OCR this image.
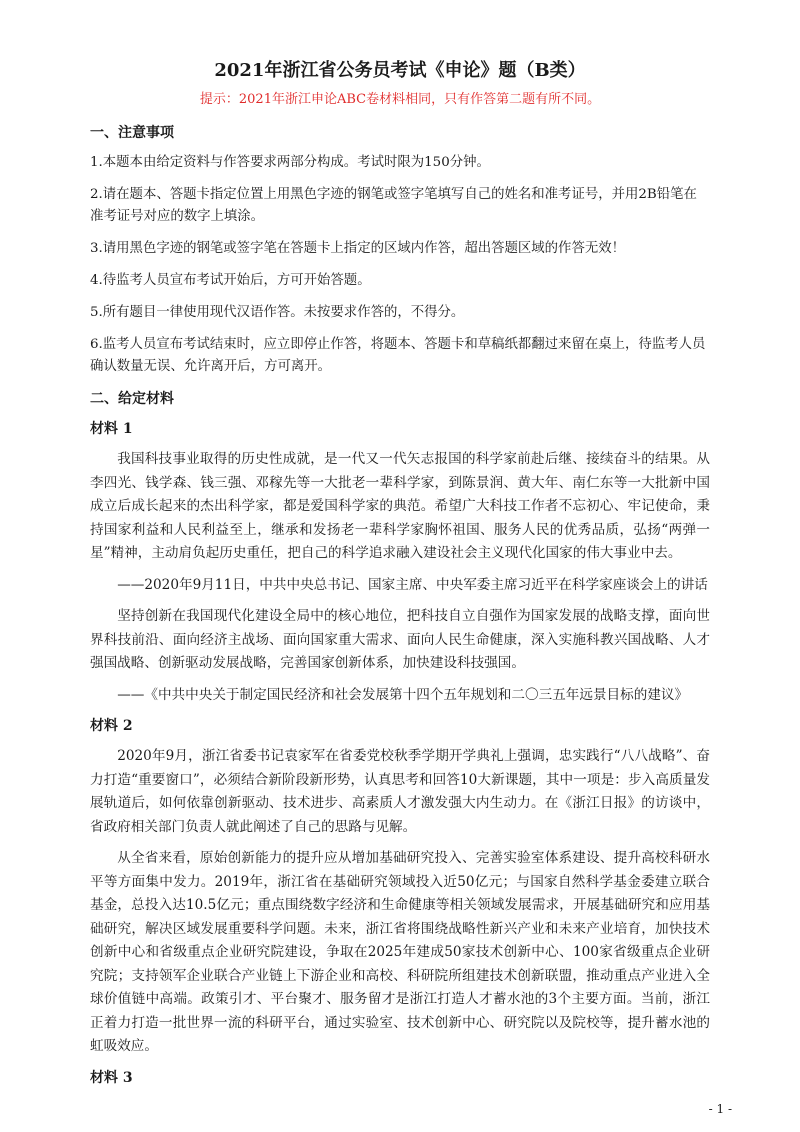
2021年浙江省公务员考试《申论》题（B类）
提示：2021年浙江申论ABC卷材料相同，只有作答第二题有所不同。
一、注意事项
1.本题本由给定资料与作答要求两部分构成。考试时限为150分钟。
2.请在题本、答题卡指定位置上用黑色字迹的钢笔或签字笔填写自己的姓名和准考证号，并用2B铅笔在准考证号对应的数字上填涂。
3.请用黑色字迹的钢笔或签字笔在答题卡上指定的区域内作答，超出答题区域的作答无效！
4.待监考人员宣布考试开始后，方可开始答题。
5.所有题目一律使用现代汉语作答。未按要求作答的，不得分。
6.监考人员宣布考试结束时，应立即停止作答，将题本、答题卡和草稿纸都翻过来留在桌上，待监考人员确认数量无误、允许离开后，方可离开。
二、给定材料
材料 1
我国科技事业取得的历史性成就，是一代又一代矢志报国的科学家前赴后继、接续奋斗的结果。从李四光、钱学森、钱三强、邓稼先等一大批老一辈科学家，到陈景润、黄大年、南仁东等一大批新中国成立后成长起来的杰出科学家，都是爱国科学家的典范。希望广大科技工作者不忘初心、牢记使命，秉持国家利益和人民利益至上，继承和发扬老一辈科学家胸怀祖国、服务人民的优秀品质，弘扬“两弹一星”精神，主动肩负起历史重任，把自己的科学追求融入建设社会主义现代化国家的伟大事业中去。
——2020年9月11日，中共中央总书记、国家主席、中央军委主席习近平在科学家座谈会上的讲话
坚持创新在我国现代化建设全局中的核心地位，把科技自立自强作为国家发展的战略支撑，面向世界科技前沿、面向经济主战场、面向国家重大需求、面向人民生命健康，深入实施科教兴国战略、人才强国战略、创新驱动发展战略，完善国家创新体系，加快建设科技强国。
——《中共中央关于制定国民经济和社会发展第十四个五年规划和二〇三五年远景目标的建议》
材料 2
2020年9月，浙江省委书记袁家军在省委党校秋季学期开学典礼上强调，忠实践行“八八战略”、奋力打造“重要窗口”，必须结合新阶段新形势，认真思考和回答10大新课题，其中一项是：步入高质量发展轨道后，如何依靠创新驱动、技术进步、高素质人才激发强大内生动力。在《浙江日报》的访谈中，省政府相关部门负责人就此阐述了自己的思路与见解。
从全省来看，原始创新能力的提升应从增加基础研究投入、完善实验室体系建设、提升高校科研水平等方面集中发力。2019年，浙江省在基础研究领域投入近50亿元；与国家自然科学基金委建立联合基金，总投入达10.5亿元；重点围绕数字经济和生命健康等相关领域发展需求，开展基础研究和应用基础研究，解决区域发展重要科学问题。未来，浙江省将围绕战略性新兴产业和未来产业培育，加快技术创新中心和省级重点企业研究院建设，争取在2025年建成50家技术创新中心、100家省级重点企业研究院；支持领军企业联合产业链上下游企业和高校、科研院所组建技术创新联盟，推动重点产业进入全球价值链中高端。政策引才、平台聚才、服务留才是浙江打造人才蓄水池的3个主要方面。当前，浙江正着力打造一批世界一流的科研平台，通过实验室、技术创新中心、研究院以及院校等，提升蓄水池的虹吸效应。
材料 3
- 1 -
